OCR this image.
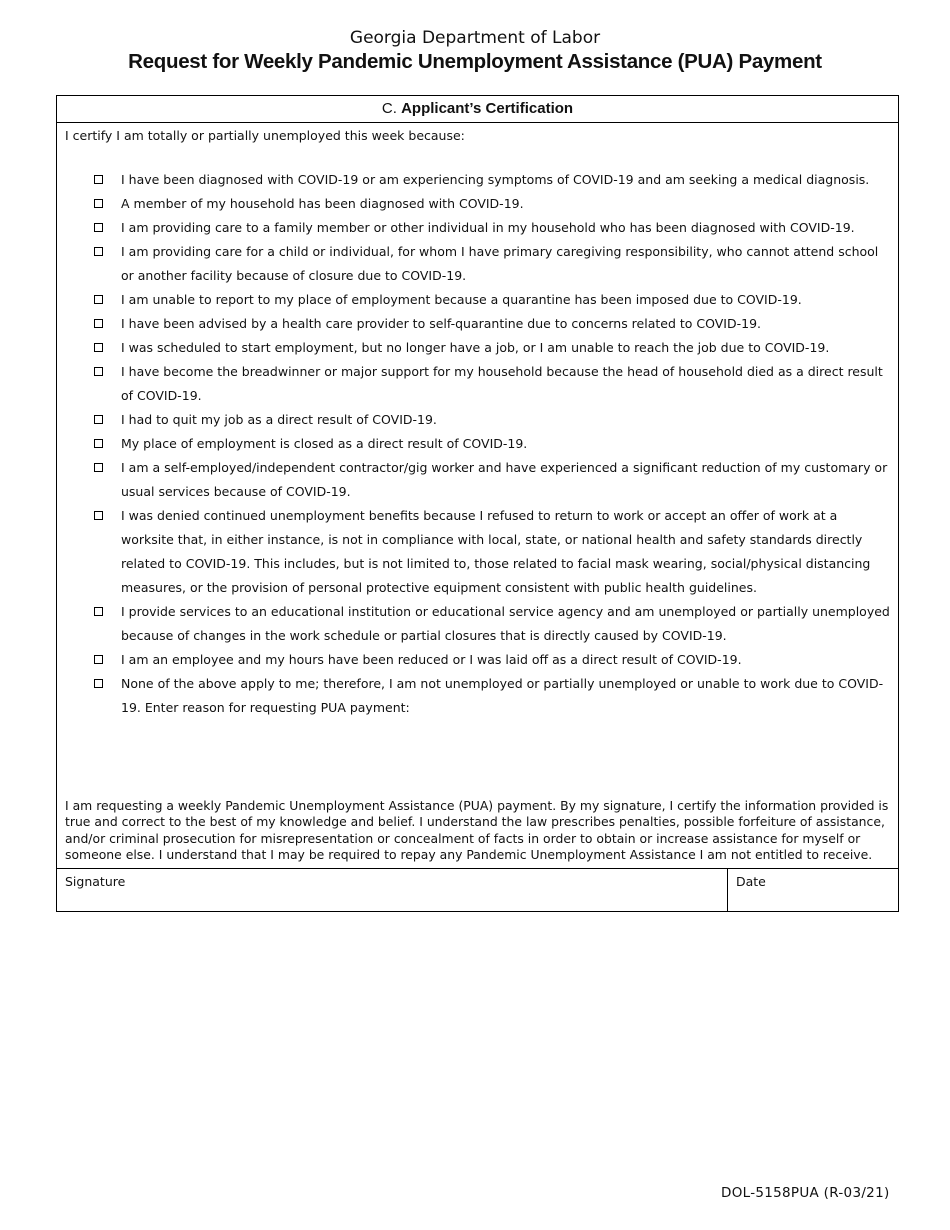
Georgia Department of Labor
Request for Weekly Pandemic Unemployment Assistance (PUA) Payment
C. Applicant’s Certification
I certify I am totally or partially unemployed this week because:
I have been diagnosed with COVID-19 or am experiencing symptoms of COVID-19 and am seeking a medical diagnosis.
A member of my household has been diagnosed with COVID-19.
I am providing care to a family member or other individual in my household who has been diagnosed with COVID-19.
I am providing care for a child or individual, for whom I have primary caregiving responsibility, who cannot attend school or another facility because of closure due to COVID-19.
I am unable to report to my place of employment because a quarantine has been imposed due to COVID-19.
I have been advised by a health care provider to self-quarantine due to concerns related to COVID-19.
I was scheduled to start employment, but no longer have a job, or I am unable to reach the job due to COVID-19.
I have become the breadwinner or major support for my household because the head of household died as a direct result of COVID-19.
I had to quit my job as a direct result of COVID-19.
My place of employment is closed as a direct result of COVID-19.
I am a self-employed/independent contractor/gig worker and have experienced a significant reduction of my customary or usual services because of COVID-19.
I was denied continued unemployment benefits because I refused to return to work or accept an offer of work at a worksite that, in either instance, is not in compliance with local, state, or national health and safety standards directly related to COVID-19. This includes, but is not limited to, those related to facial mask wearing, social/physical distancing measures, or the provision of personal protective equipment consistent with public health guidelines.
I provide services to an educational institution or educational service agency and am unemployed or partially unemployed because of changes in the work schedule or partial closures that is directly caused by COVID-19.
I am an employee and my hours have been reduced or I was laid off as a direct result of COVID-19.
None of the above apply to me; therefore, I am not unemployed or partially unemployed or unable to work due to COVID-19. Enter reason for requesting PUA payment:
I am requesting a weekly Pandemic Unemployment Assistance (PUA) payment. By my signature, I certify the information provided is true and correct to the best of my knowledge and belief. I understand the law prescribes penalties, possible forfeiture of assistance, and/or criminal prosecution for misrepresentation or concealment of facts in order to obtain or increase assistance for myself or someone else. I understand that I may be required to repay any Pandemic Unemployment Assistance I am not entitled to receive.
Signature	Date
DOL-5158PUA (R-03/21)
